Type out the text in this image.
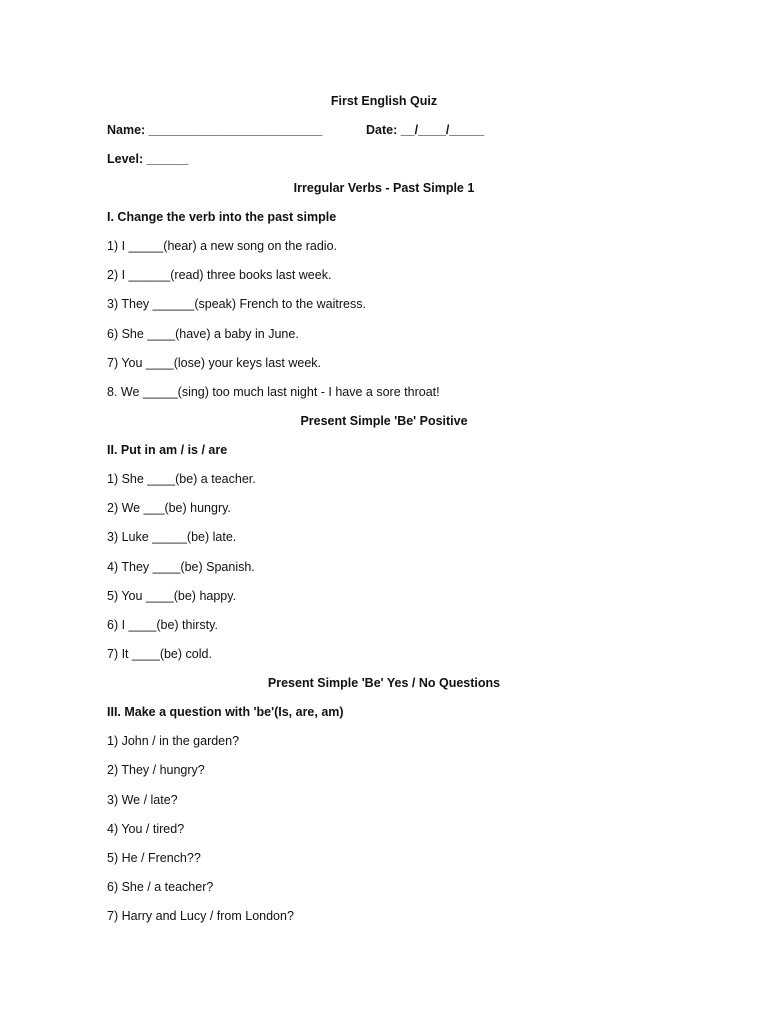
First English Quiz
Name: _________________________	Date: __/____/_____
Level: ______
Irregular Verbs - Past Simple 1
I. Change the verb into the past simple
1) I _____(hear) a new song on the radio.
2) I ______(read) three books last week.
3) They ______(speak) French to the waitress.
6) She ____(have) a baby in June.
7) You ____(lose) your keys last week.
8. We _____(sing) too much last night - I have a sore throat!
Present Simple 'Be' Positive
II. Put in am / is / are
1) She ____(be) a teacher.
2) We ___(be) hungry.
3) Luke _____(be) late.
4) They ____(be) Spanish.
5) You ____(be) happy.
6) I ____(be) thirsty.
7) It ____(be) cold.
Present Simple 'Be' Yes / No Questions
III. Make a question with 'be'(Is, are, am)
1) John / in the garden?
2) They / hungry?
3) We / late?
4) You / tired?
5) He / French??
6) She / a teacher?
7) Harry and Lucy / from London?
